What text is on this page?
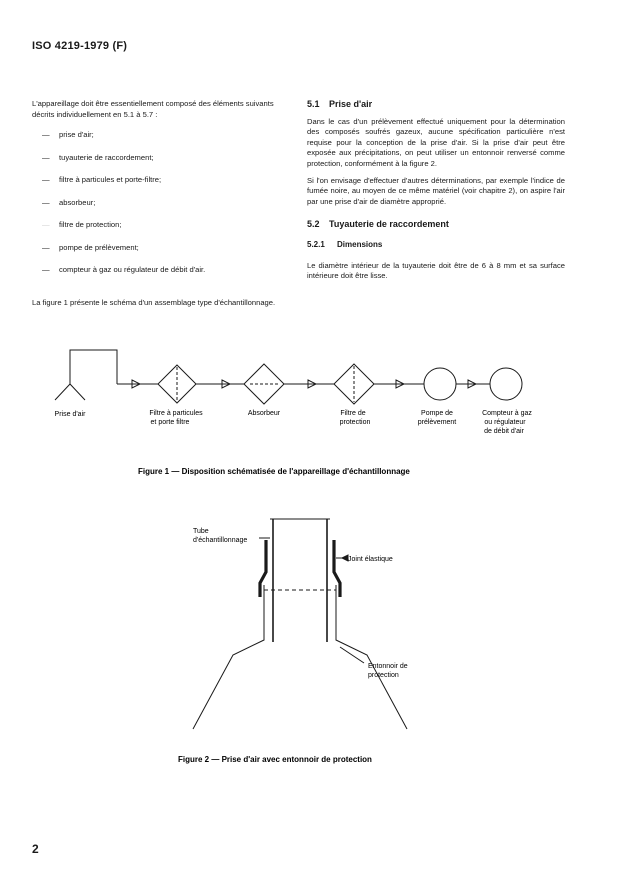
ISO 4219-1979 (F)

L'appareillage doit être essentiellement composé des éléments suivants décrits individuellement en 5.1 à 5.7 :

— prise d'air;
— tuyauterie de raccordement;
— filtre à particules et porte-filtre;
— absorbeur;
— filtre de protection;
— pompe de prélèvement;
— compteur à gaz ou régulateur de débit d'air.

La figure 1 présente le schéma d'un assemblage type d'échantillonnage.

5.1 Prise d'air

Dans le cas d'un prélèvement effectué uniquement pour la détermination des composés soufrés gazeux, aucune spécification particulière n'est requise pour la conception de la prise d'air. Si la prise d'air peut être exposée aux précipitations, on peut utiliser un entonnoir renversé comme protection, conformément à la figure 2.

Si l'on envisage d'effectuer d'autres déterminations, par exemple l'indice de fumée noire, au moyen de ce même matériel (voir chapitre 2), on aspire l'air par une prise d'air de diamètre approprié.

5.2 Tuyauterie de raccordement
5.2.1 Dimensions

Le diamètre intérieur de la tuyauterie doit être de 6 à 8 mm et sa surface intérieure doit être lisse.

Prise d'air	Filtre à particules
et porte filtre
Absorbeur	Filtre de
protection
Pompe de
prélèvement
Compteur à gaz
ou régulateur
de débit d'air
Figure 1 — Disposition schématisée de l'appareillage d'échantillonnage
Tube
d'échantillonnage
Joint élastique
Entonnoir de
protection
Figure 2 — Prise d'air avec entonnoir de protection
2
